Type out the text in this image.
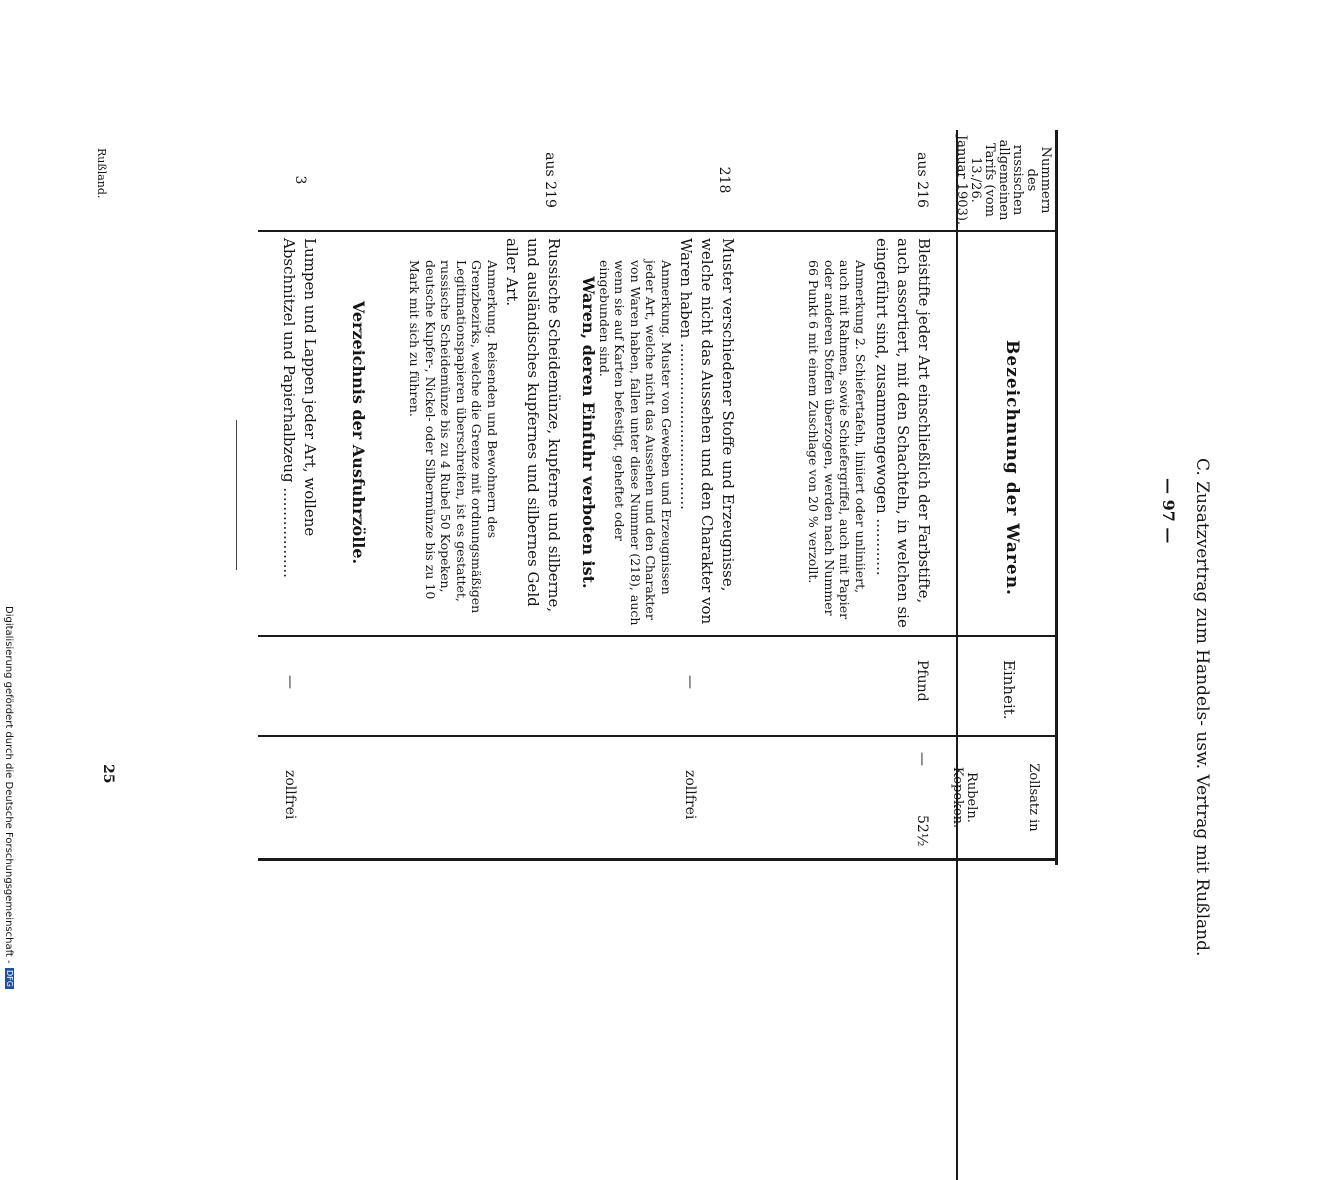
C. Zusatzvertrag zum Handels- usw. Vertrag mit Rußland.
— 97 —
Rußland.
25
Digitalisierung gefördert durch die Deutsche Forschungsgemeinschaft -
DFG
Nummern des russischen allgemeinen Tarifs (vom 13./26. Januar 1903).
Bezeichnung der Waren.
Einheit.
Zollsatz in
Rubeln. Kopeken.
aus 216
Bleistifte jeder Art einschließlich der Farbstifte, auch assortiert, mit den Schachteln, in welchen sie eingeführt sind, zusammengewogen ............
Anmerkung 2. Schiefertafeln, liniiert oder unliniiert, auch mit Rahmen, sowie Schiefergriffel, auch mit Papier oder anderen Stoffen überzogen, werden nach Nummer 66 Punkt 6 mit einem Zuschlage von 20 % verzollt.
Pfund
—
52½
218
Muster verschiedener Stoffe und Erzeugnisse, welche nicht das Aussehen und den Charakter von Waren haben ...................................
Anmerkung. Muster von Geweben und Erzeugnissen jeder Art, welche nicht das Aussehen und den Charakter von Waren haben, fallen unter diese Nummer (218), auch wenn sie auf Karten befestigt, geheftet oder eingebunden sind.
—
zollfrei
Waren, deren Einfuhr verboten ist.
aus 219
Russische Scheidemünze, kupferne und silberne, und ausländisches kupfernes und silbernes Geld aller Art.
Anmerkung. Reisenden und Bewohnern des Grenzbezirks, welche die Grenze mit ordnungsmäßigen Legitimationspapieren überschreiten, ist es gestattet, russische Scheidemünze bis zu 4 Rubel 50 Kopeken, deutsche Kupfer-, Nickel- oder Silbermünze bis zu 10 Mark mit sich zu führen.
Verzeichnis der Ausfuhrzölle.
3
Lumpen und Lappen jeder Art, wollene Abschnitzel und Papierhalbzeug ...................
—
zollfrei
